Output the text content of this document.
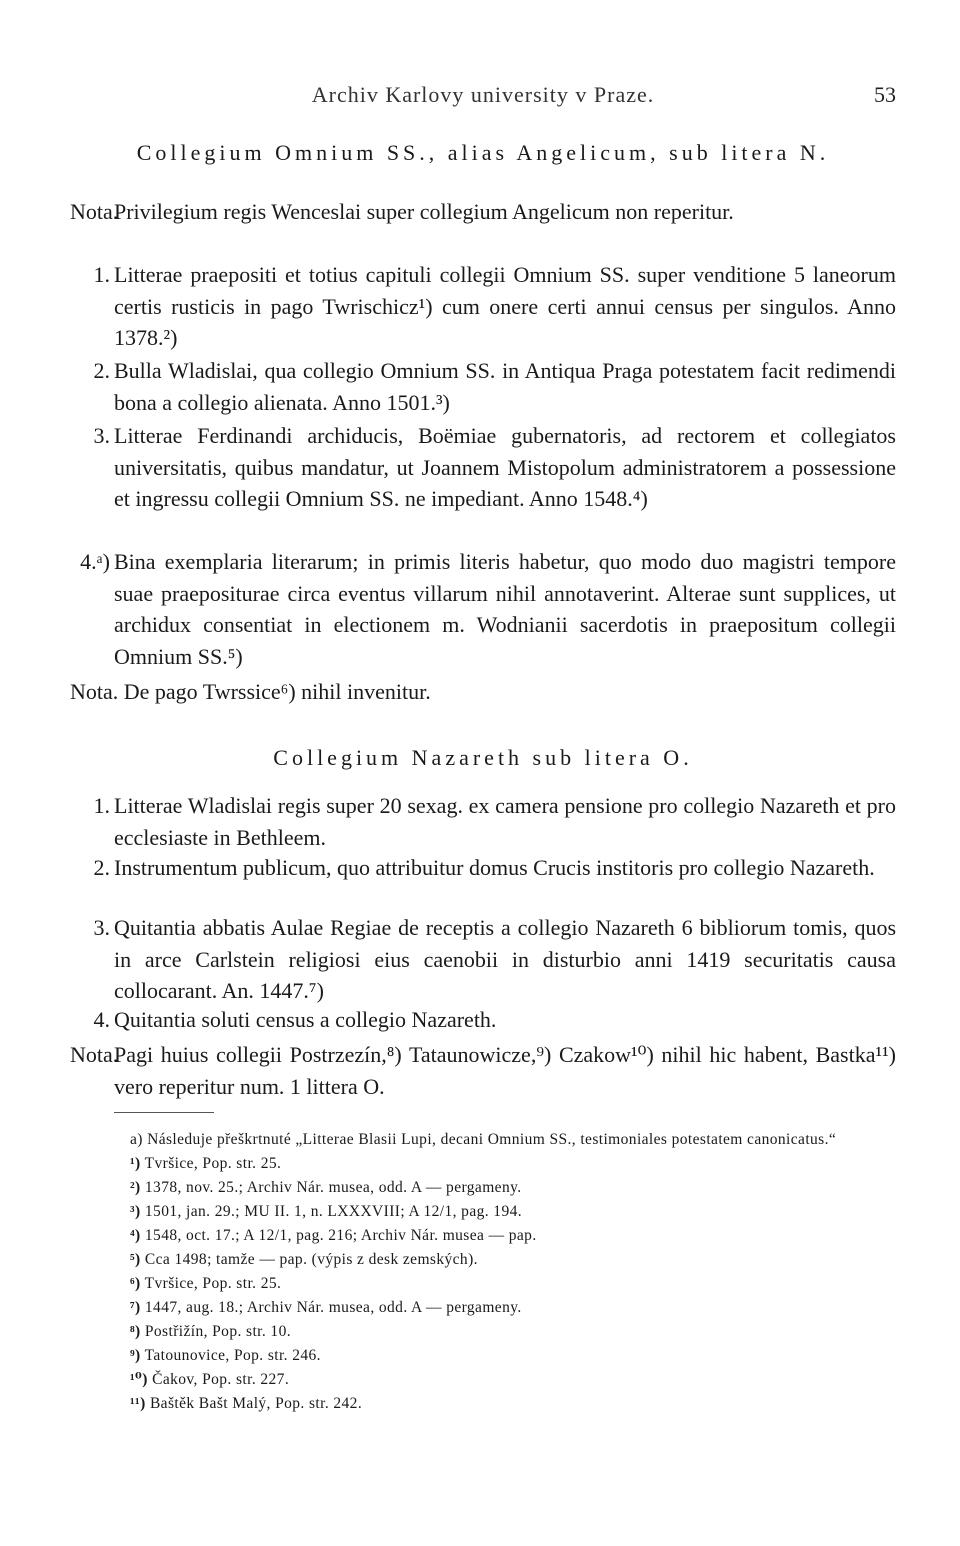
Archiv Karlovy university v Praze.	53
Collegium Omnium SS., alias Angelicum, sub litera N.
Nota.
Privilegium regis Wenceslai super collegium Angelicum non reperitur.
1. Litterae praepositi et totius capituli collegii Omnium SS. super venditione 5 laneorum certis rusticis in pago Twrischicz¹) cum onere certi annui census per singulos. Anno 1378.²)
2. Bulla Wladislai, qua collegio Omnium SS. in Antiqua Praga potestatem facit redimendi bona a collegio alienata. Anno 1501.³)
3. Litterae Ferdinandi archiducis, Boëmiae gubernatoris, ad rectorem et collegiatos universitatis, quibus mandatur, ut Joannem Mistopolum administratorem a possessione et ingressu collegii Omnium SS. ne impediant. Anno 1548.⁴)
4.ᵃ) Bina exemplaria literarum; in primis literis habetur, quo modo duo magistri tempore suae praepositurae circa eventus villarum nihil annotaverint. Alterae sunt supplices, ut archidux consentiat in electionem m. Wodnianii sacerdotis in praepositum collegii Omnium SS.⁵)
Nota. De pago Twrssice⁶) nihil invenitur.
Collegium Nazareth sub litera O.
1. Litterae Wladislai regis super 20 sexag. ex camera pensione pro collegio Nazareth et pro ecclesiaste in Bethleem.
2. Instrumentum publicum, quo attribuitur domus Crucis institoris pro collegio Nazareth.
3. Quitantia abbatis Aulae Regiae de receptis a collegio Nazareth 6 bibliorum tomis, quos in arce Carlstein religiosi eius caenobii in disturbio anni 1419 securitatis causa collocarant. An. 1447.⁷)
4. Quitantia soluti census a collegio Nazareth.
Nota.
Pagi huius collegii Postrzezín,⁸) Tataunowicze,⁹) Czakow¹⁰) nihil hic habent, Bastka¹¹) vero reperitur num. 1 littera O.
a) Následuje přeškrtnuté „Litterae Blasii Lupi, decani Omnium SS., testimoniales potestatem canonicatus.“
¹) Tvršice, Pop. str. 25.
²) 1378, nov. 25.; Archiv Nár. musea, odd. A — pergameny.
³) 1501, jan. 29.; MU II. 1, n. LXXXVIII; A 12/1, pag. 194.
⁴) 1548, oct. 17.; A 12/1, pag. 216; Archiv Nár. musea — pap.
⁵) Cca 1498; tamže — pap. (výpis z desk zemských).
⁶) Tvršice, Pop. str. 25.
⁷) 1447, aug. 18.; Archiv Nár. musea, odd. A — pergameny.
⁸) Postřižín, Pop. str. 10.
⁹) Tatounovice, Pop. str. 246.
¹⁰) Čakov, Pop. str. 227.
¹¹) Baštěk Bašt Malý, Pop. str. 242.
